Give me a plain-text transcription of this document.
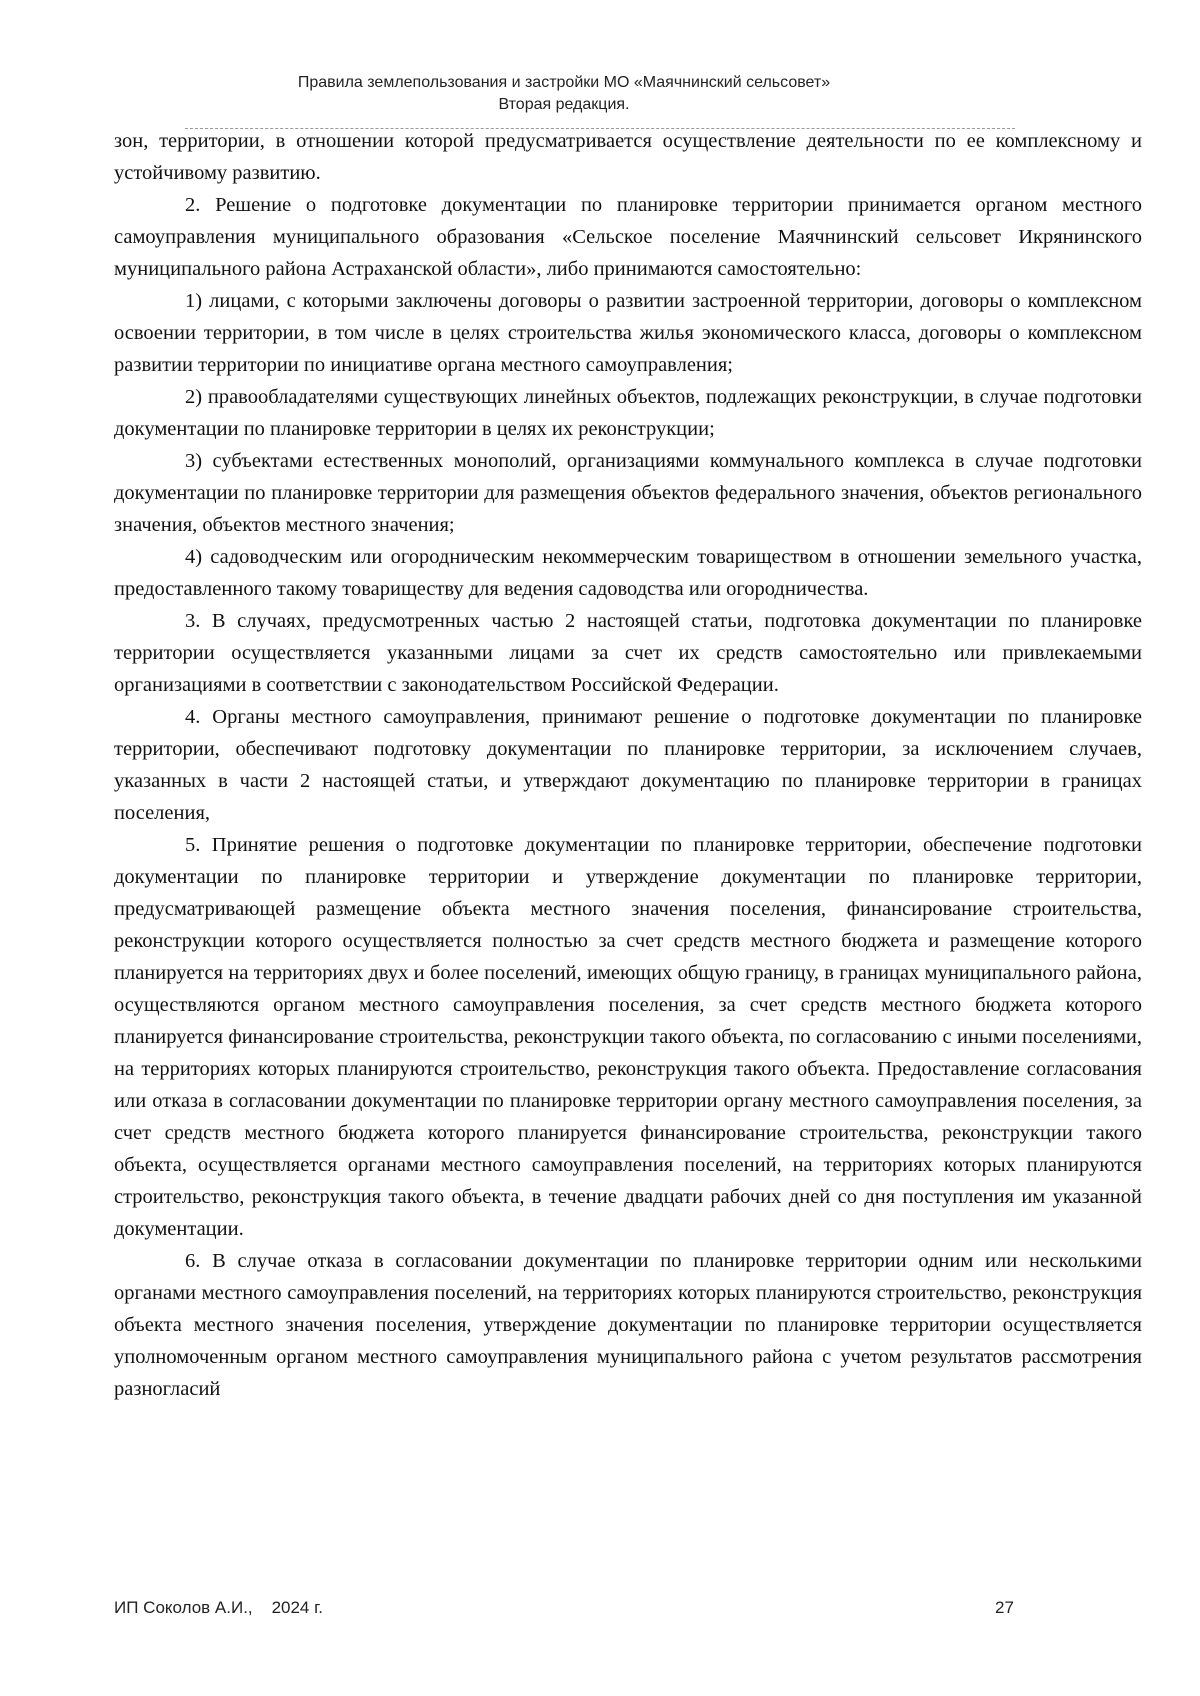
Правила землепользования и застройки МО «Маячнинский сельсовет»
Вторая редакция.

зон, территории, в отношении которой предусматривается осуществление деятельности по ее комплексному и устойчивому развитию.

2. Решение о подготовке документации по планировке территории принимается органом местного самоуправления муниципального образования «Сельское поселение Маячнинский сельсовет Икрянинского муниципального района Астраханской области», либо принимаются самостоятельно:

1) лицами, с которыми заключены договоры о развитии застроенной территории, договоры о комплексном освоении территории, в том числе в целях строительства жилья экономического класса, договоры о комплексном развитии территории по инициативе органа местного самоуправления;

2) правообладателями существующих линейных объектов, подлежащих реконструкции, в случае подготовки документации по планировке территории в целях их реконструкции;

3) субъектами естественных монополий, организациями коммунального комплекса в случае подготовки документации по планировке территории для размещения объектов федерального значения, объектов регионального значения, объектов местного значения;

4) садоводческим или огородническим некоммерческим товариществом в отношении земельного участка, предоставленного такому товариществу для ведения садоводства или огородничества.

3. В случаях, предусмотренных частью 2 настоящей статьи, подготовка документации по планировке территории осуществляется указанными лицами за счет их средств самостоятельно или привлекаемыми организациями в соответствии с законодательством Российской Федерации.

4. Органы местного самоуправления, принимают решение о подготовке документации по планировке территории, обеспечивают подготовку документации по планировке территории, за исключением случаев, указанных в части 2 настоящей статьи, и утверждают документацию по планировке территории в границах поселения,

5. Принятие решения о подготовке документации по планировке территории, обеспечение подготовки документации по планировке территории и утверждение документации по планировке территории, предусматривающей размещение объекта местного значения поселения, финансирование строительства, реконструкции которого осуществляется полностью за счет средств местного бюджета и размещение которого планируется на территориях двух и более поселений, имеющих общую границу, в границах муниципального района, осуществляются органом местного самоуправления поселения, за счет средств местного бюджета которого планируется финансирование строительства, реконструкции такого объекта, по согласованию с иными поселениями, на территориях которых планируются строительство, реконструкция такого объекта. Предоставление согласования или отказа в согласовании документации по планировке территории органу местного самоуправления поселения, за счет средств местного бюджета которого планируется финансирование строительства, реконструкции такого объекта, осуществляется органами местного самоуправления поселений, на территориях которых планируются строительство, реконструкция такого объекта, в течение двадцати рабочих дней со дня поступления им указанной документации.

6. В случае отказа в согласовании документации по планировке территории одним или несколькими органами местного самоуправления поселений, на территориях которых планируются строительство, реконструкция объекта местного значения поселения, утверждение документации по планировке территории осуществляется уполномоченным органом местного самоуправления муниципального района с учетом результатов рассмотрения разногласий

ИП Соколов А.И., 2024 г.	27
